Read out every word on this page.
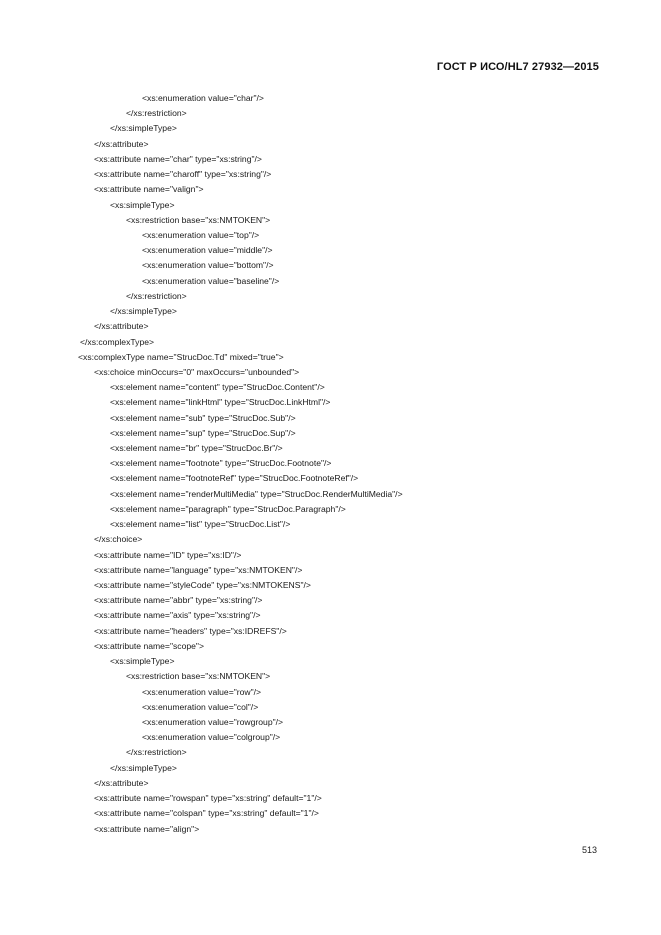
ГОСТ Р ИСО/HL7 27932—2015
<xs:enumeration value="char"/>
</xs:restriction>
</xs:simpleType>
</xs:attribute>
<xs:attribute name="char" type="xs:string"/>
<xs:attribute name="charoff" type="xs:string"/>
<xs:attribute name="valign">
<xs:simpleType>
<xs:restriction base="xs:NMTOKEN">
<xs:enumeration value="top"/>
<xs:enumeration value="middle"/>
<xs:enumeration value="bottom"/>
<xs:enumeration value="baseline"/>
</xs:restriction>
</xs:simpleType>
</xs:attribute>
</xs:complexType>
<xs:complexType name="StrucDoc.Td" mixed="true">
<xs:choice minOccurs="0" maxOccurs="unbounded">
<xs:element name="content" type="StrucDoc.Content"/>
<xs:element name="linkHtml" type="StrucDoc.LinkHtml"/>
<xs:element name="sub" type="StrucDoc.Sub"/>
<xs:element name="sup" type="StrucDoc.Sup"/>
<xs:element name="br" type="StrucDoc.Br"/>
<xs:element name="footnote" type="StrucDoc.Footnote"/>
<xs:element name="footnoteRef" type="StrucDoc.FootnoteRef"/>
<xs:element name="renderMultiMedia" type="StrucDoc.RenderMultiMedia"/>
<xs:element name="paragraph" type="StrucDoc.Paragraph"/>
<xs:element name="list" type="StrucDoc.List"/>
</xs:choice>
<xs:attribute name="ID" type="xs:ID"/>
<xs:attribute name="language" type="xs:NMTOKEN"/>
<xs:attribute name="styleCode" type="xs:NMTOKENS"/>
<xs:attribute name="abbr" type="xs:string"/>
<xs:attribute name="axis" type="xs:string"/>
<xs:attribute name="headers" type="xs:IDREFS"/>
<xs:attribute name="scope">
<xs:simpleType>
<xs:restriction base="xs:NMTOKEN">
<xs:enumeration value="row"/>
<xs:enumeration value="col"/>
<xs:enumeration value="rowgroup"/>
<xs:enumeration value="colgroup"/>
</xs:restriction>
</xs:simpleType>
</xs:attribute>
<xs:attribute name="rowspan" type="xs:string" default="1"/>
<xs:attribute name="colspan" type="xs:string" default="1"/>
<xs:attribute name="align">
513
